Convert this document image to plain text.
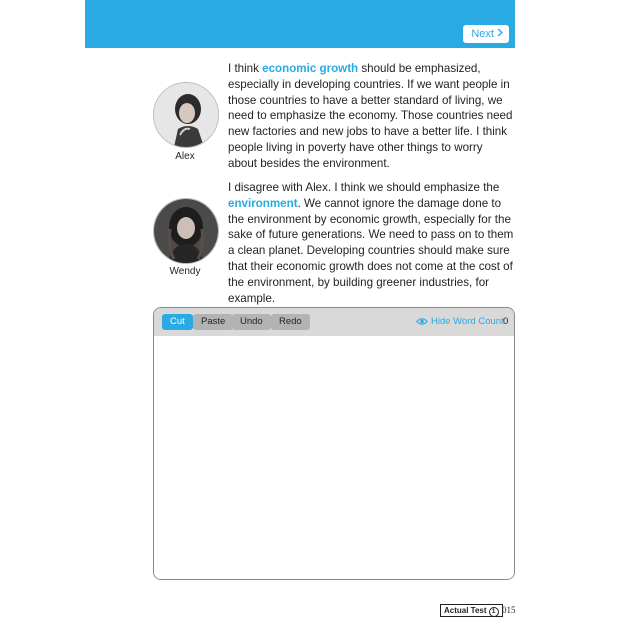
Next
Alex
I think economic growth should be emphasized, especially in developing countries. If we want people in those countries to have a better standard of living, we need to emphasize the economy. Those countries need new factories and new jobs to have a better life. I think people living in poverty have other things to worry about besides the environment.
Wendy
I disagree with Alex. I think we should emphasize the environment. We cannot ignore the damage done to the environment by economic growth, especially for the sake of future generations. We need to pass on to them a clean planet. Developing countries should make sure that their economic growth does not come at the cost of the environment, by building greener industries, for example.
Cut	Paste	Undo	Redo	Hide Word Count 0
Actual Test 1 015
